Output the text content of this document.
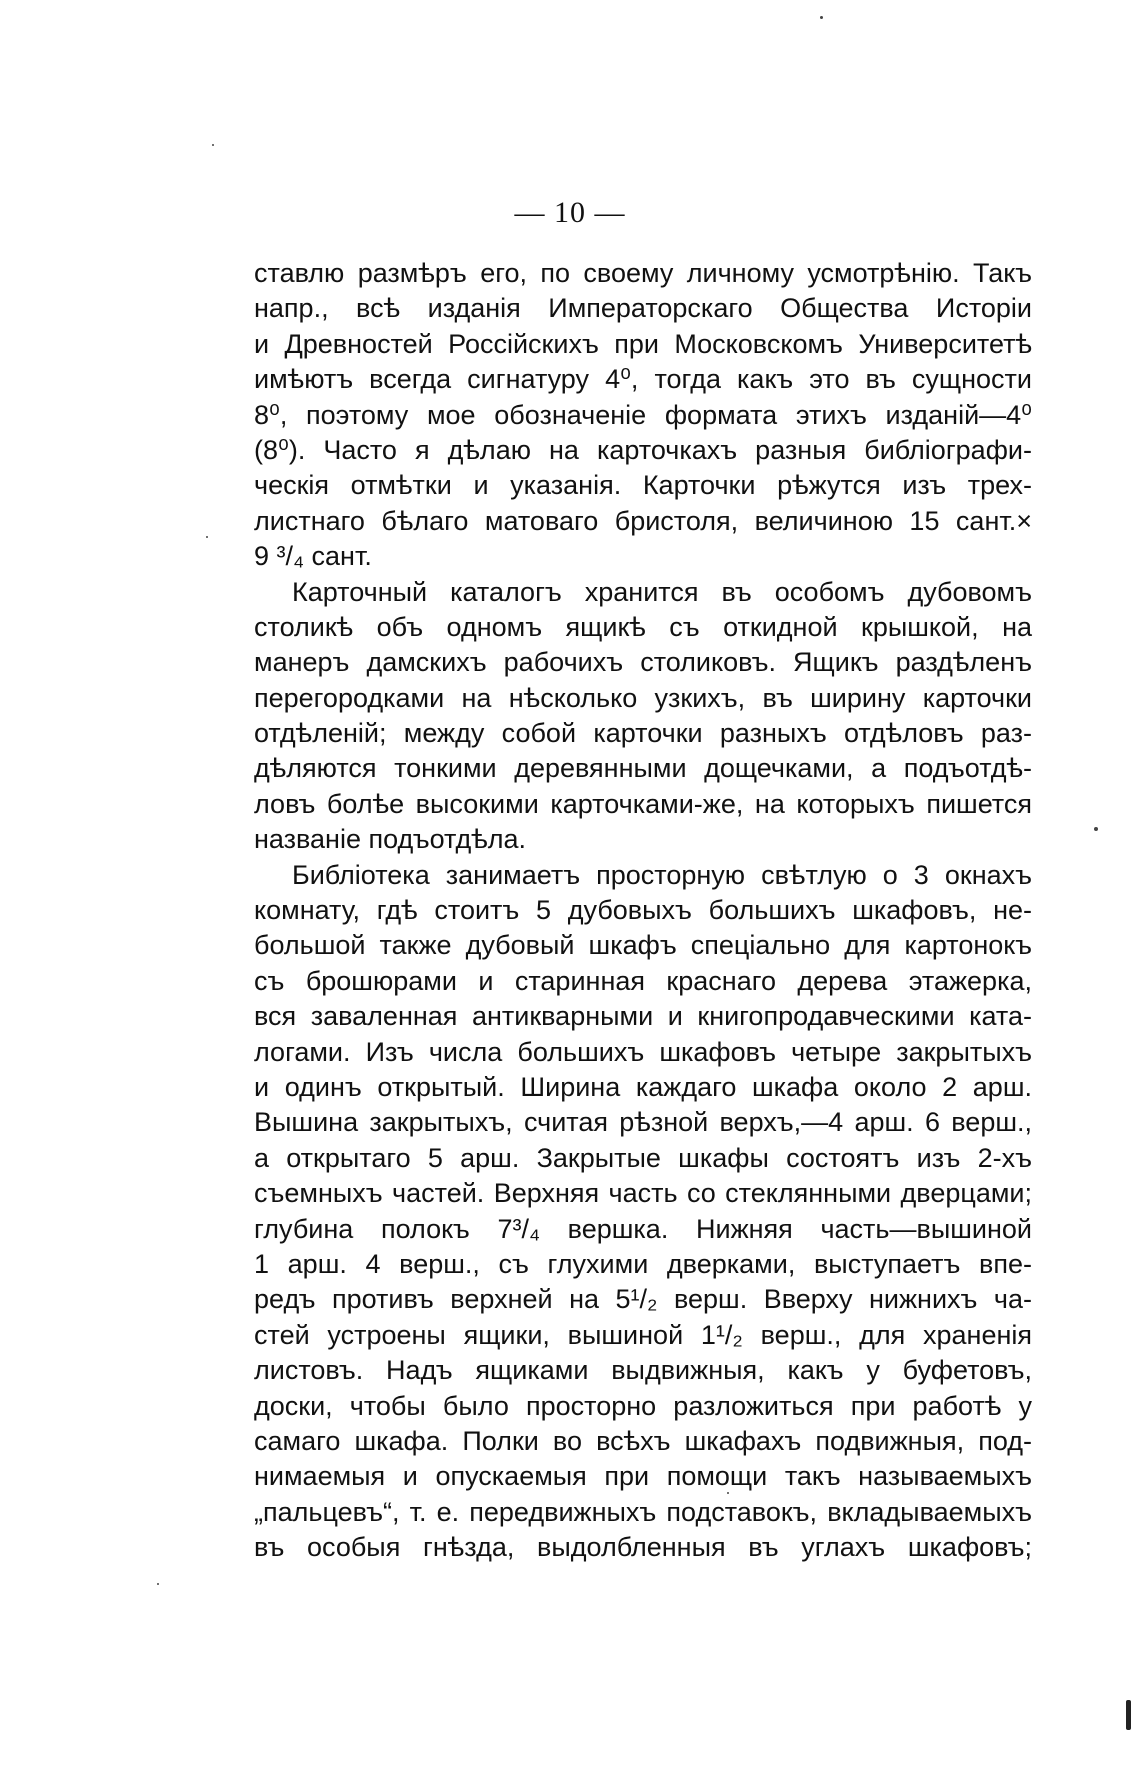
— 10 —
ставлю размѣръ его, по своему личному усмотрѣнію. Такъ
напр., всѣ изданія Императорскаго Общества Исторіи
и Древностей Россійскихъ при Московскомъ Университетѣ
имѣютъ всегда сигнатуру 4⁰, тогда какъ это въ сущности
8⁰, поэтому мое обозначеніе формата этихъ изданій—4⁰
(8⁰). Часто я дѣлаю на карточкахъ разныя библіографи-
ческія отмѣтки и указанія. Карточки рѣжутся изъ трех-
листнаго бѣлаго матоваго бристоля, величиною 15 сант.×
9 ³/₄ сант.
Карточный каталогъ хранится въ особомъ дубовомъ
столикѣ объ одномъ ящикѣ съ откидной крышкой, на
манеръ дамскихъ рабочихъ столиковъ. Ящикъ раздѣленъ
перегородками на нѣсколько узкихъ, въ ширину карточки
отдѣленій; между собой карточки разныхъ отдѣловъ раз-
дѣляются тонкими деревянными дощечками, а подъотдѣ-
ловъ болѣе высокими карточками-же, на которыхъ пишется
названіе подъотдѣла.
Библіотека занимаетъ просторную свѣтлую о 3 окнахъ
комнату, гдѣ стоитъ 5 дубовыхъ большихъ шкафовъ, не-
большой также дубовый шкафъ спеціально для картонокъ
съ брошюрами и старинная краснаго дерева этажерка,
вся заваленная антикварными и книгопродавческими ката-
логами. Изъ числа большихъ шкафовъ четыре закрытыхъ
и одинъ открытый. Ширина каждаго шкафа около 2 арш.
Вышина закрытыхъ, считая рѣзной верхъ,—4 арш. 6 верш.,
а открытаго 5 арш. Закрытые шкафы состоятъ изъ 2-хъ
съемныхъ частей. Верхняя часть со стеклянными дверцами;
глубина полокъ 7³/₄ вершка. Нижняя часть—вышиной
1 арш. 4 верш., съ глухими дверками, выступаетъ впе-
редъ противъ верхней на 5¹/₂ верш. Вверху нижнихъ ча-
стей устроены ящики, вышиной 1¹/₂ верш., для храненія
листовъ. Надъ ящиками выдвижныя, какъ у буфетовъ,
доски, чтобы было просторно разложиться при работѣ у
самаго шкафа. Полки во всѣхъ шкафахъ подвижныя, под-
нимаемыя и опускаемыя при помощи такъ называемыхъ
„пальцевъ“, т. е. передвижныхъ подставокъ, вкладываемыхъ
въ особыя гнѣзда, выдолбленныя въ углахъ шкафовъ;
